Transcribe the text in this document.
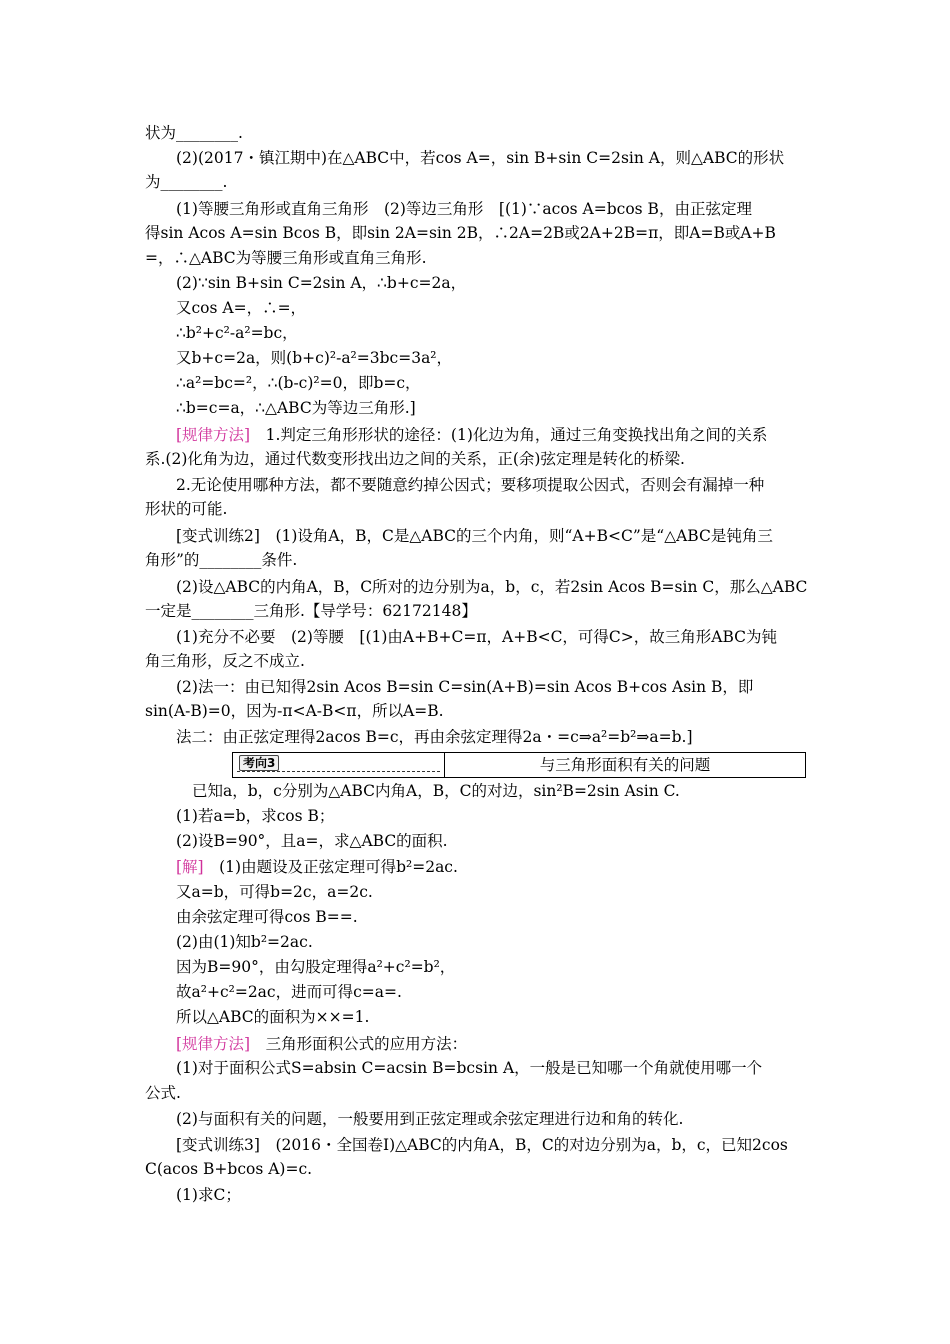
状为________.
(2)(2017・镇江期中)在△ABC中，若cos A=，sin B+sin C=2sin A，则△ABC的形状
为________.
(1)等腰三角形或直角三角形　(2)等边三角形　[(1)∵acos A=bcos B，由正弦定理
得sin Acos A=sin Bcos B，即sin 2A=sin 2B，∴2A=2B或2A+2B=π，即A=B或A+B
=，∴△ABC为等腰三角形或直角三角形.
(2)∵sin B+sin C=2sin A，∴b+c=2a，
又cos A=，∴=，
∴b²+c²-a²=bc，
又b+c=2a，则(b+c)²-a²=3bc=3a²，
∴a²=bc=²，∴(b-c)²=0，即b=c，
∴b=c=a，∴△ABC为等边三角形.]
[规律方法]　 1.判定三角形形状的途径：(1)化边为角，通过三角变换找出角之间的关系
系.(2)化角为边，通过代数变形找出边之间的关系，正(余)弦定理是转化的桥梁.
2.无论使用哪种方法，都不要随意约掉公因式；要移项提取公因式，否则会有漏掉一种
形状的可能.
[变式训练2]　(1)设角A，B，C是△ABC的三个内角，则“A+B<C”是“△ABC是钝角三
角形”的________条件.
(2)设△ABC的内角A，B，C所对的边分别为a，b，c，若2sin Acos B=sin C，那么△ABC
一定是________三角形.【导学号：62172148】
(1)充分不必要　(2)等腰　[(1)由A+B+C=π，A+B<C，可得C>，故三角形ABC为钝
角三角形，反之不成立.
(2)法一：由已知得2sin Acos B=sin C=sin(A+B)=sin Acos B+cos Asin B，即
sin(A-B)=0，因为-π<A-B<π，所以A=B.
法二：由正弦定理得2acos B=c，再由余弦定理得2a・=c⇒a²=b²⇒a=b.]
考向3	与三角形面积有关的问题
已知a，b，c分别为△ABC内角A，B，C的对边，sin²B=2sin Asin C.
(1)若a=b，求cos B；
(2)设B=90°，且a=，求△ABC的面积.
[解]　 (1)由题设及正弦定理可得b²=2ac.
又a=b，可得b=2c，a=2c.
由余弦定理可得cos B==.
(2)由(1)知b²=2ac.
因为B=90°，由勾股定理得a²+c²=b²，
故a²+c²=2ac，进而可得c=a=.
所以△ABC的面积为××=1.
[规律方法]　 三角形面积公式的应用方法：
(1)对于面积公式S=absin C=acsin B=bcsin A，一般是已知哪一个角就使用哪一个
公式.
(2)与面积有关的问题，一般要用到正弦定理或余弦定理进行边和角的转化.
[变式训练3]　(2016・全国卷Ⅰ)△ABC的内角A，B，C的对边分别为a，b，c，已知2cos
C(acos B+bcos A)=c.
(1)求C；
